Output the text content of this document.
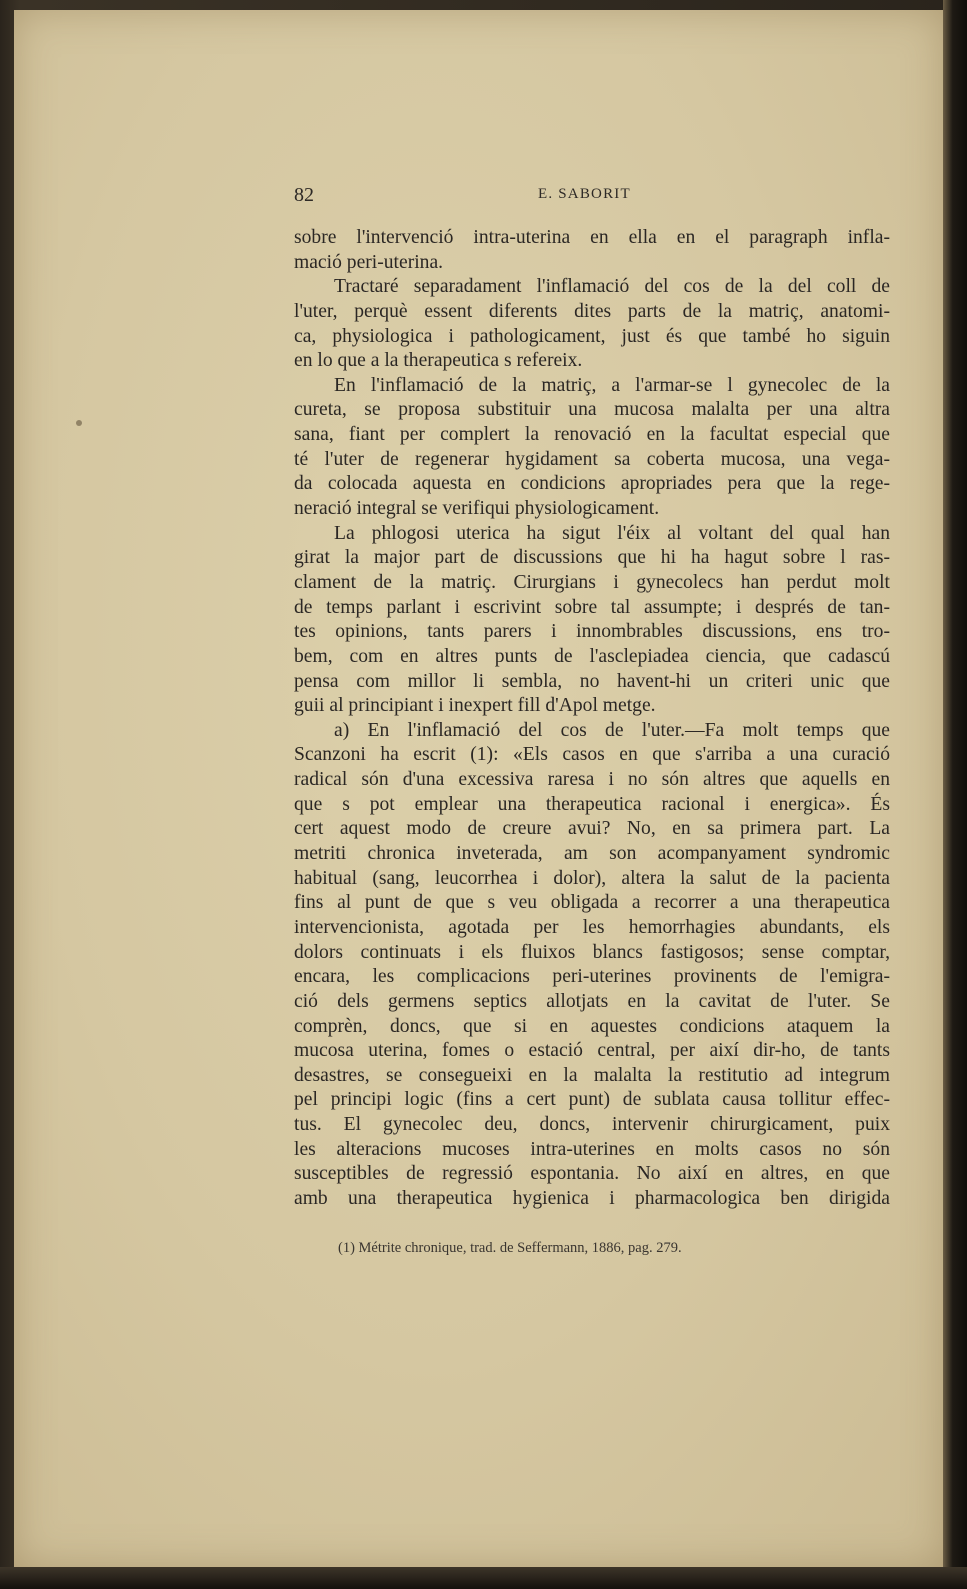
82	E. SABORIT
sobre l'intervenció intra-uterina en ella en el paragraph infla-
mació peri-uterina.
Tractaré separadament l'inflamació del cos de la del coll de
l'uter, perquè essent diferents dites parts de la matriç, anatomi-
ca, physiologica i pathologicament, just és que també ho siguin
en lo que a la therapeutica s refereix.
En l'inflamació de la matriç, a l'armar-se l gynecolec de la
cureta, se proposa substituir una mucosa malalta per una altra
sana, fiant per complert la renovació en la facultat especial que
té l'uter de regenerar hygidament sa coberta mucosa, una vega-
da colocada aquesta en condicions apropriades pera que la rege-
neració integral se verifiqui physiologicament.
La phlogosi uterica ha sigut l'éix al voltant del qual han
girat la major part de discussions que hi ha hagut sobre l ras-
clament de la matriç. Cirurgians i gynecolecs han perdut molt
de temps parlant i escrivint sobre tal assumpte; i després de tan-
tes opinions, tants parers i innombrables discussions, ens tro-
bem, com en altres punts de l'asclepiadea ciencia, que cadascú
pensa com millor li sembla, no havent-hi un criteri unic que
guii al principiant i inexpert fill d'Apol metge.
a) En l'inflamació del cos de l'uter.—Fa molt temps que
Scanzoni ha escrit (1): «Els casos en que s'arriba a una curació
radical són d'una excessiva raresa i no són altres que aquells en
que s pot emplear una therapeutica racional i energica». És
cert aquest modo de creure avui? No, en sa primera part. La
metriti chronica inveterada, am son acompanyament syndromic
habitual (sang, leucorrhea i dolor), altera la salut de la pacienta
fins al punt de que s veu obligada a recorrer a una therapeutica
intervencionista, agotada per les hemorrhagies abundants, els
dolors continuats i els fluixos blancs fastigosos; sense comptar,
encara, les complicacions peri-uterines provinents de l'emigra-
ció dels germens septics allotjats en la cavitat de l'uter. Se
comprèn, doncs, que si en aquestes condicions ataquem la
mucosa uterina, fomes o estació central, per així dir-ho, de tants
desastres, se consegueixi en la malalta la restitutio ad integrum
pel principi logic (fins a cert punt) de sublata causa tollitur effec-
tus. El gynecolec deu, doncs, intervenir chirurgicament, puix
les alteracions mucoses intra-uterines en molts casos no són
susceptibles de regressió espontania. No així en altres, en que
amb una therapeutica hygienica i pharmacologica ben dirigida
(1) Métrite chronique, trad. de Seffermann, 1886, pag. 279.
